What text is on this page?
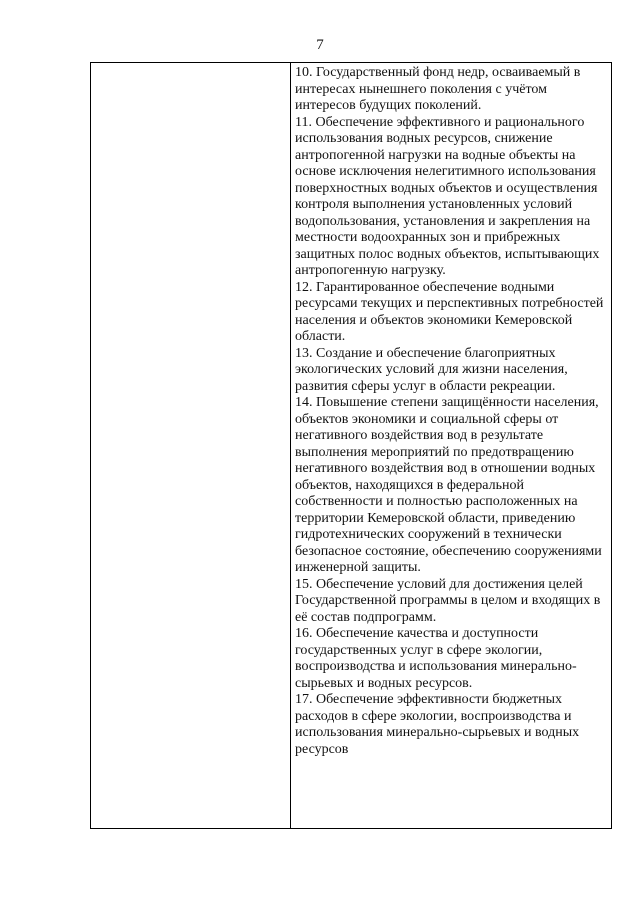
7

10. Государственный фонд недр, осваиваемый в интересах нынешнего поколения с учётом интересов будущих поколений.

11. Обеспечение эффективного и рационального использования водных ресурсов, снижение антропогенной нагрузки на водные объекты на основе исключения нелегитимного использования поверхностных водных объектов и осуществления контроля выполнения установленных условий водопользования, установления и закрепления на местности водоохранных зон и прибрежных защитных полос водных объектов, испытывающих антропогенную нагрузку.

12. Гарантированное обеспечение водными ресурсами текущих и перспективных потребностей населения и объектов экономики Кемеровской области.

13. Создание и обеспечение благоприятных экологических условий для жизни населения, развития сферы услуг в области рекреации.

14. Повышение степени защищённости населения, объектов экономики и социальной сферы от негативного воздействия вод в результате выполнения мероприятий по предотвращению негативного воздействия вод в отношении водных объектов, находящихся в федеральной собственности и полностью расположенных на территории Кемеровской области, приведению гидротехнических сооружений в технически безопасное состояние, обеспечению сооружениями инженерной защиты.

15. Обеспечение условий для достижения целей Государственной программы в целом и входящих в её состав подпрограмм.

16. Обеспечение качества и доступности государственных услуг в сфере экологии, воспроизводства и использования минерально-сырьевых и водных ресурсов.

17. Обеспечение эффективности бюджетных расходов в сфере экологии, воспроизводства и использования минерально-сырьевых и водных ресурсов
